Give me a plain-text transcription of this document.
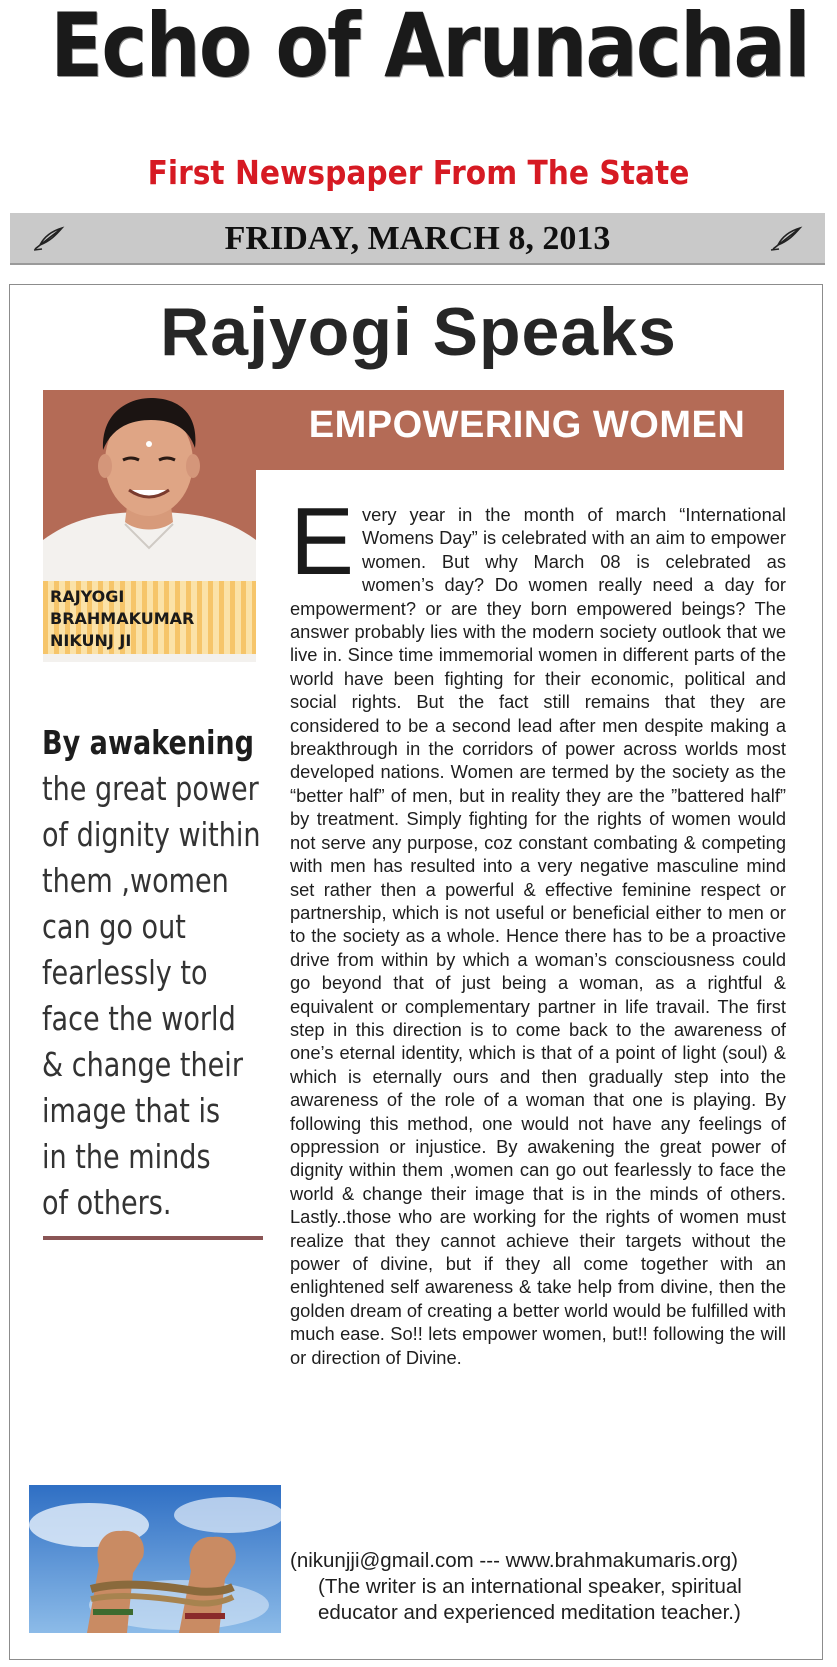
Echo of Arunachal
First Newspaper From The State
FRIDAY, MARCH 8, 2013
Rajyogi Speaks
EMPOWERING WOMEN

RAJYOGI
BRAHMAKUMAR
NIKUNJ JI

By awakening
the great power
of dignity within
them ,women
can go out
fearlessly to
face the world
& change their
image that is
in the minds
of others.
E very year in the month of march “International Womens Day” is celebrated with an aim to empower women. But why March 08 is celebrated as women’s day? Do women really need a day for empowerment? or are they born empowered beings? The answer probably lies with the modern society outlook that we live in. Since time immemorial women in different parts of the world have been fighting for their economic, political and social rights. But the fact still remains that they are considered to be a second lead after men despite making a breakthrough in the corridors of power across worlds most developed nations. Women are termed by the society as the “better half” of men, but in reality they are the ”battered half” by treatment. Simply fighting for the rights of women would not serve any purpose, coz constant combating & competing with men has resulted into a very negative masculine mind set rather then a powerful & effective feminine respect or partnership, which is not useful or beneficial either to men or to the society as a whole. Hence there has to be a proactive drive from within by which a woman’s consciousness could go beyond that of just being a woman, as a rightful & equivalent or complementary partner in life travail. The first step in this direction is to come back to the awareness of one’s eternal identity, which is that of a point of light (soul) & which is eternally ours and then gradually step into the awareness of the role of a woman that one is playing. By following this method, one would not have any feelings of oppression or injustice. By awakening the great power of dignity within them ,women can go out fearlessly to face the world & change their image that is in the minds of others. Lastly..those who are working for the rights of women must realize that they cannot achieve their targets without the power of divine, but if they all come together with an enlightened self awareness & take help from divine, then the golden dream of creating a better world would be fulfilled with much ease. So!! lets empower women, but!! following the will or direction of Divine.

(nikunjji@gmail.com --- www.brahmakumaris.org)
(The writer is an international speaker, spiritual
educator and experienced meditation teacher.)
